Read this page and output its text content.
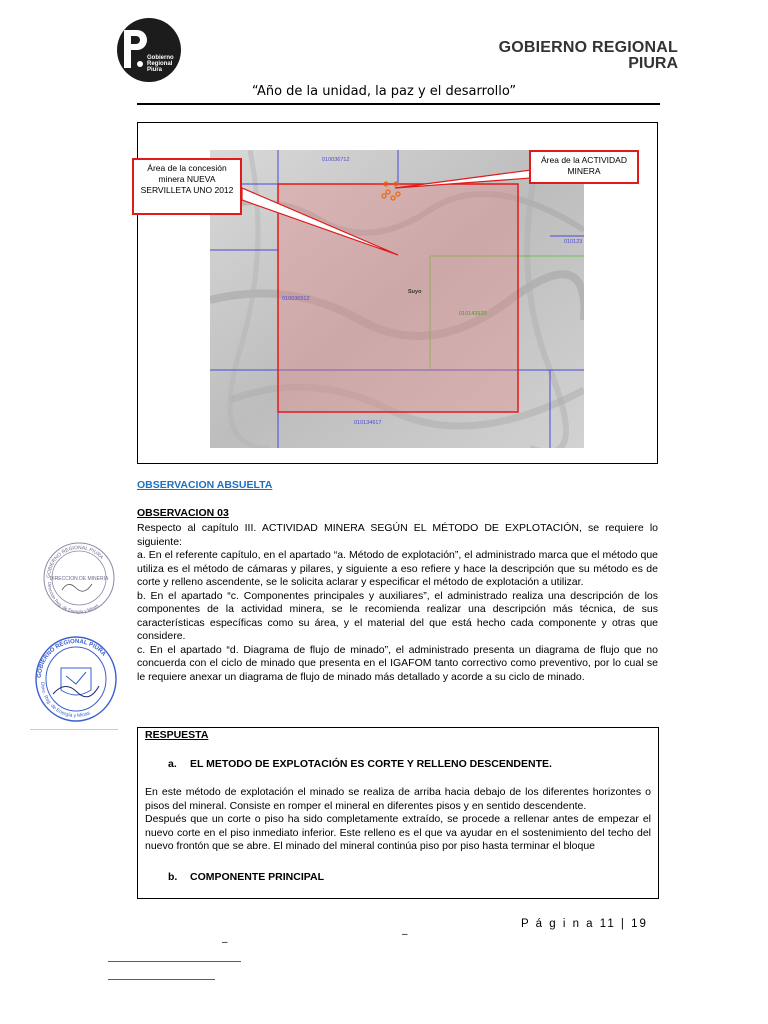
Gobierno
Regional
Piura
GOBIERNO REGIONAL
PIURA
“Año de la unidad, la paz y el desarrollo”
010036712
010123
010036512
010143920
010134617
Suyo
Área de la concesión minera NUEVA SERVILLETA UNO 2012
Área de la ACTIVIDAD MINERA
OBSERVACION ABSUELTA
OBSERVACION 03

Respecto al capítulo III. ACTIVIDAD MINERA SEGÚN EL MÉTODO DE EXPLOTACIÓN, se requiere lo siguiente:

a. En el referente capítulo, en el apartado “a. Método de explotación”, el administrado marca que el método que utiliza es el método de cámaras y pilares, y siguiente a eso refiere y hace la descripción que su método es de corte y relleno ascendente, se le solicita aclarar y especificar el método de explotación a utilizar.

b. En el apartado “c. Componentes principales y auxiliares”, el administrado realiza una descripción de los componentes de la actividad minera, se le recomienda realizar una descripción más técnica, de sus características específicas como su área, y el material del que está hecho cada componente y otras que considere.

c. En el apartado “d. Diagrama de flujo de minado”, el administrado presenta un diagrama de flujo que no concuerda con el ciclo de minado que presenta en el IGAFOM tanto correctivo como preventivo, por lo cual se le requiere anexar un diagrama de flujo de minado más detallado y acorde a su ciclo de minado.

GOBIERNO REGIONAL PIURA
DIRECCION DE MINERIA
Dirección Reg. de Energía y Minas
GOBIERNO REGIONAL PIURA
Direc. Reg. de Energía y Minas
RESPUESTA
a. EL METODO DE EXPLOTACIÓN ES CORTE Y RELLENO DESCENDENTE.

En este método de explotación el minado se realiza de arriba hacia debajo de los diferentes horizontes o pisos del mineral. Consiste en romper el mineral en diferentes pisos y en sentido descendente.

Después que un corte o piso ha sido completamente extraído, se procede a rellenar antes de empezar el nuevo corte en el piso inmediato inferior. Este relleno es el que va ayudar en el sostenimiento del techo del nuevo frontón que se abre. El minado del mineral continúa piso por piso hasta terminar el bloque

b. COMPONENTE PRINCIPAL
P á g i n a 11 | 19
–
–
